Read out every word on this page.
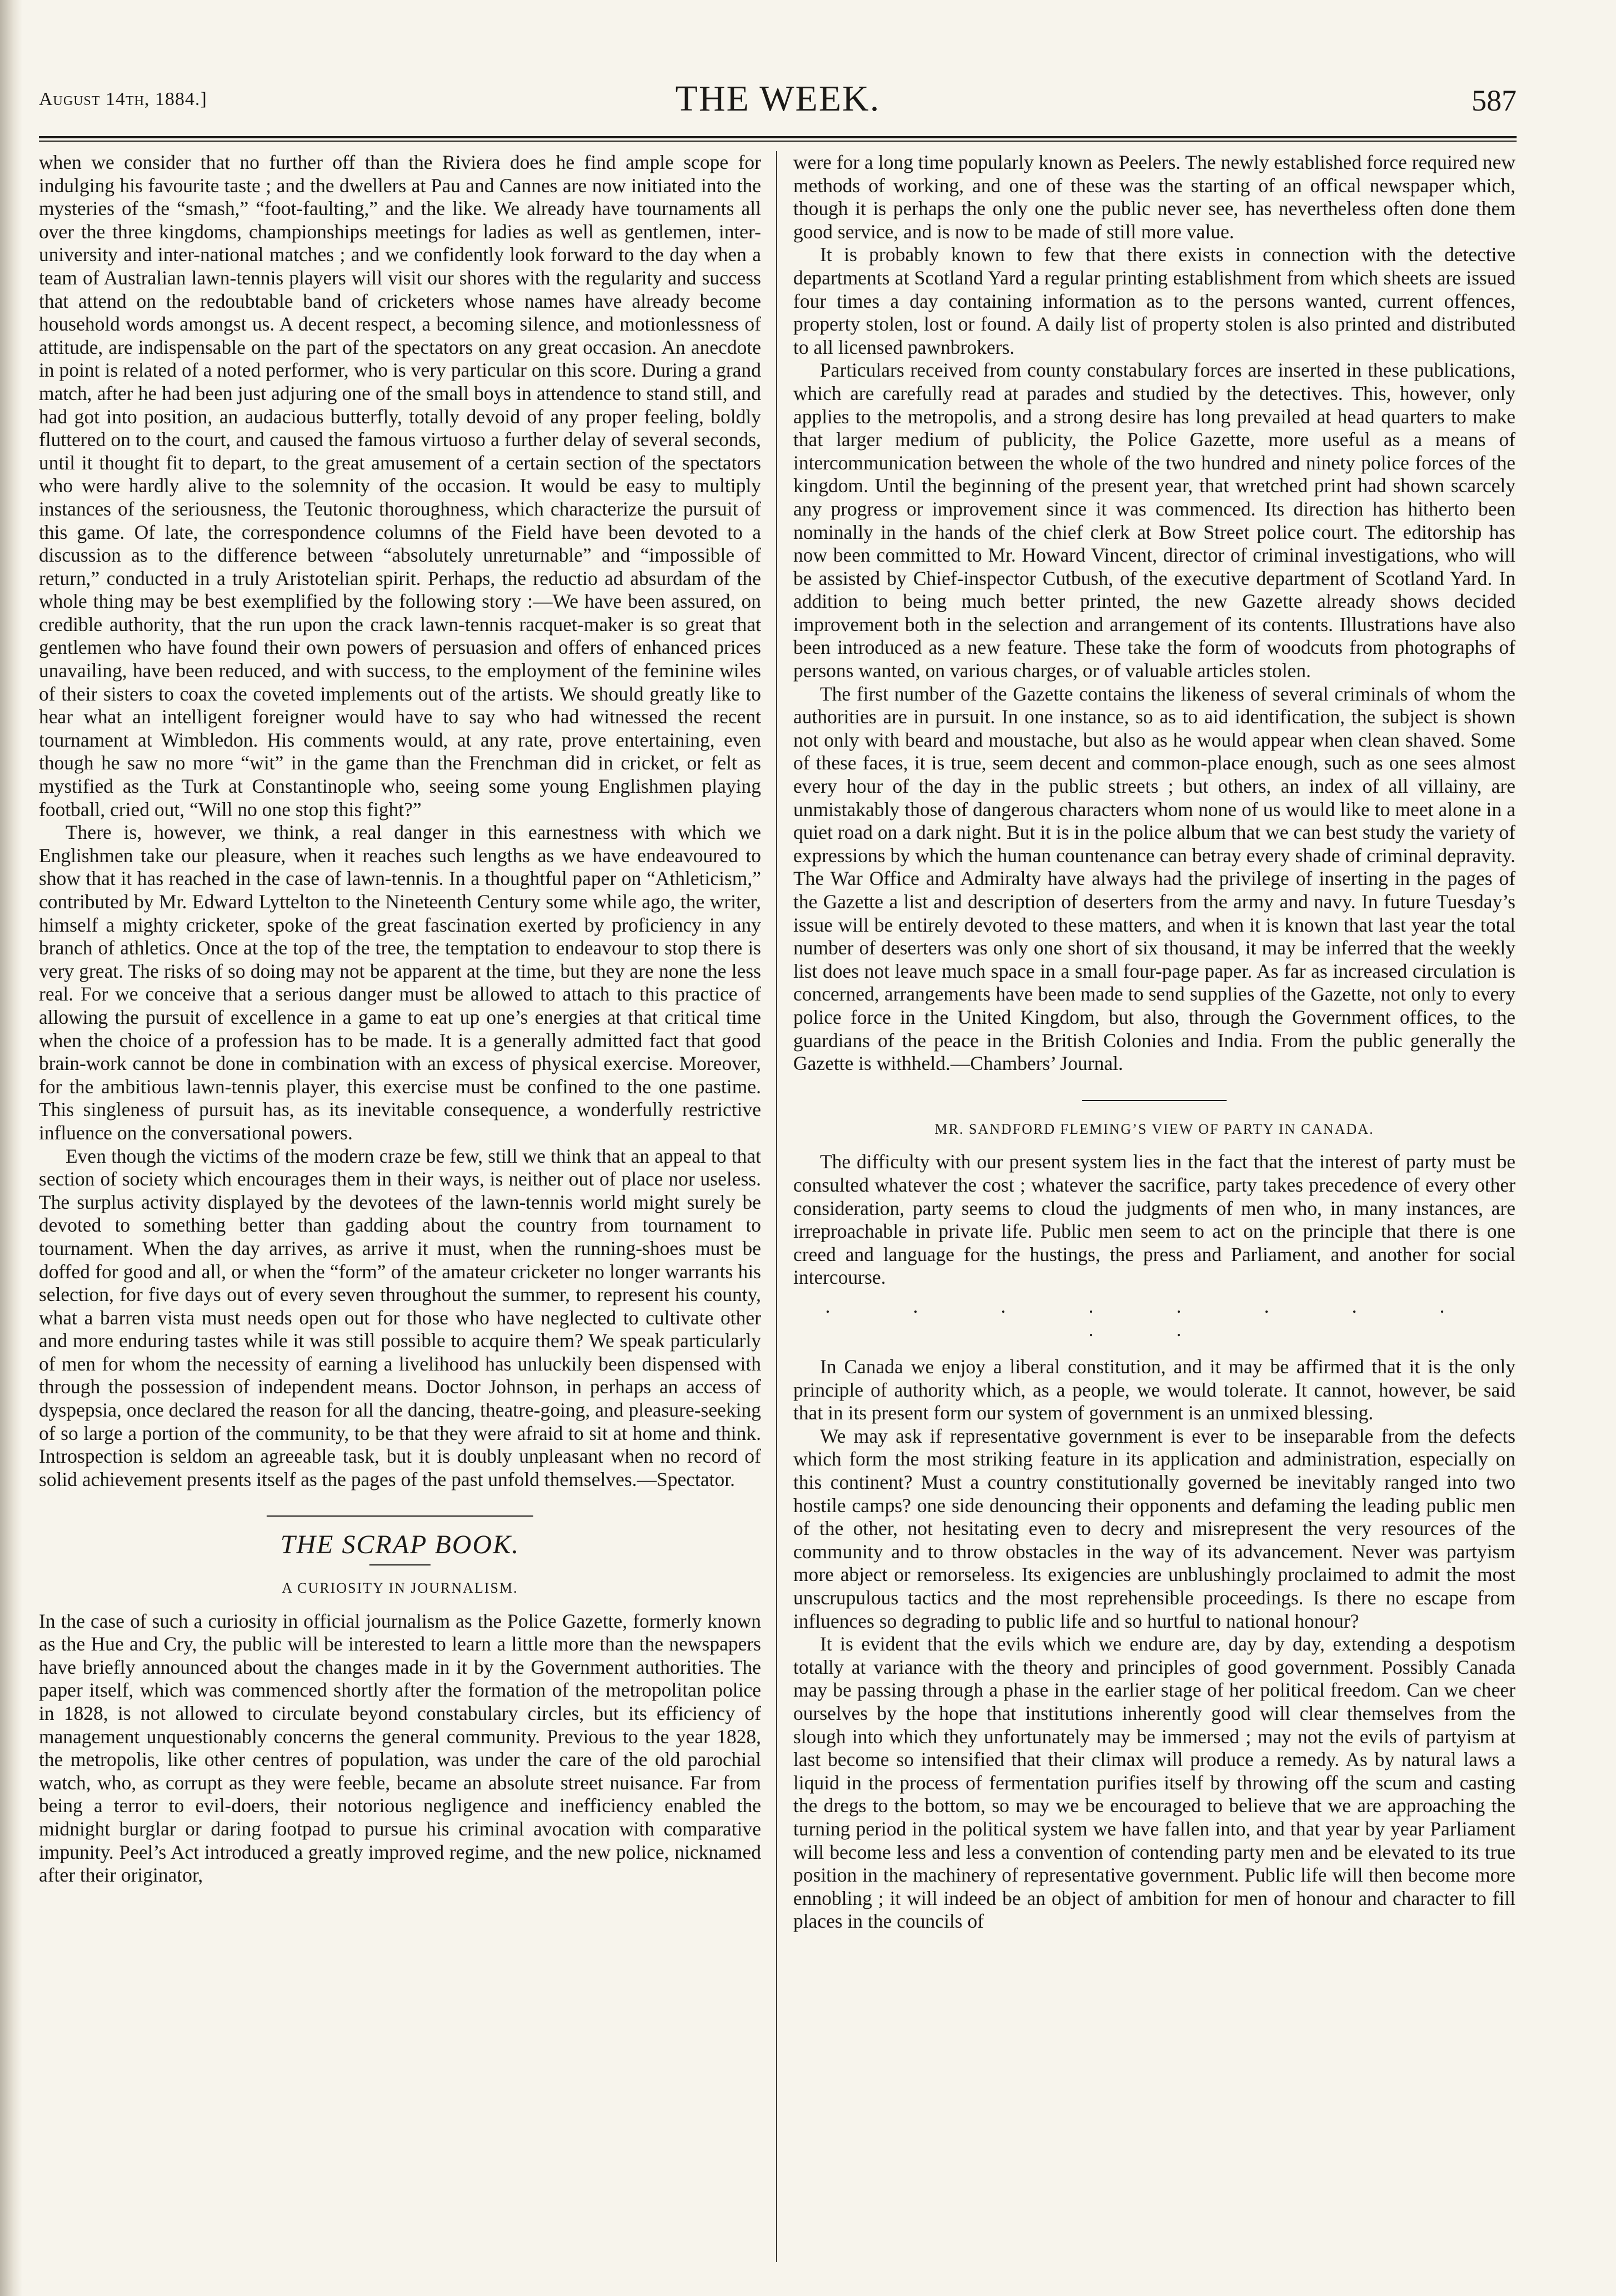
August 14th, 1884.]	THE WEEK.	587

when we consider that no further off than the Riviera does he find ample scope for indulging his favourite taste ; and the dwellers at Pau and Cannes are now initiated into the mysteries of the “smash,” “foot-faulting,” and the like. We already have tournaments all over the three kingdoms, championships meetings for ladies as well as gentlemen, inter-university and inter-national matches ; and we confidently look forward to the day when a team of Australian lawn-tennis players will visit our shores with the regularity and success that attend on the redoubtable band of cricketers whose names have already become household words amongst us. A decent respect, a becoming silence, and motionlessness of attitude, are indispensable on the part of the spectators on any great occasion. An anecdote in point is related of a noted performer, who is very particular on this score. During a grand match, after he had been just adjuring one of the small boys in attendence to stand still, and had got into position, an audacious butterfly, totally devoid of any proper feeling, boldly fluttered on to the court, and caused the famous virtuoso a further delay of several seconds, until it thought fit to depart, to the great amusement of a certain section of the spectators who were hardly alive to the solemnity of the occasion. It would be easy to multiply instances of the seriousness, the Teutonic thoroughness, which characterize the pursuit of this game. Of late, the correspondence columns of the Field have been devoted to a discussion as to the difference between “absolutely unreturnable” and “impossible of return,” conducted in a truly Aristotelian spirit. Perhaps, the reductio ad absurdam of the whole thing may be best exemplified by the following story :—We have been assured, on credible authority, that the run upon the crack lawn-tennis racquet-maker is so great that gentlemen who have found their own powers of persuasion and offers of enhanced prices unavailing, have been reduced, and with success, to the employment of the feminine wiles of their sisters to coax the coveted implements out of the artists. We should greatly like to hear what an intelligent foreigner would have to say who had witnessed the recent tournament at Wimbledon. His comments would, at any rate, prove entertaining, even though he saw no more “wit” in the game than the Frenchman did in cricket, or felt as mystified as the Turk at Constantinople who, seeing some young Englishmen playing football, cried out, “Will no one stop this fight?”

There is, however, we think, a real danger in this earnestness with which we Englishmen take our pleasure, when it reaches such lengths as we have endeavoured to show that it has reached in the case of lawn-tennis. In a thoughtful paper on “Athleticism,” contributed by Mr. Edward Lyttelton to the Nineteenth Century some while ago, the writer, himself a mighty cricketer, spoke of the great fascination exerted by proficiency in any branch of athletics. Once at the top of the tree, the temptation to endeavour to stop there is very great. The risks of so doing may not be apparent at the time, but they are none the less real. For we conceive that a serious danger must be allowed to attach to this practice of allowing the pursuit of excellence in a game to eat up one’s energies at that critical time when the choice of a profession has to be made. It is a generally admitted fact that good brain-work cannot be done in combination with an excess of physical exercise. Moreover, for the ambitious lawn-tennis player, this exercise must be confined to the one pastime. This singleness of pursuit has, as its inevitable consequence, a wonderfully restrictive influence on the conversational powers.

Even though the victims of the modern craze be few, still we think that an appeal to that section of society which encourages them in their ways, is neither out of place nor useless. The surplus activity displayed by the devotees of the lawn-tennis world might surely be devoted to something better than gadding about the country from tournament to tournament. When the day arrives, as arrive it must, when the running-shoes must be doffed for good and all, or when the “form” of the amateur cricketer no longer warrants his selection, for five days out of every seven throughout the summer, to represent his county, what a barren vista must needs open out for those who have neglected to cultivate other and more enduring tastes while it was still possible to acquire them? We speak particularly of men for whom the necessity of earning a livelihood has unluckily been dispensed with through the possession of independent means. Doctor Johnson, in perhaps an access of dyspepsia, once declared the reason for all the dancing, theatre-going, and pleasure-seeking of so large a portion of the community, to be that they were afraid to sit at home and think. Introspection is seldom an agreeable task, but it is doubly unpleasant when no record of solid achievement presents itself as the pages of the past unfold themselves.—Spectator.

THE SCRAP BOOK.
A CURIOSITY IN JOURNALISM.

In the case of such a curiosity in official journalism as the Police Gazette, formerly known as the Hue and Cry, the public will be interested to learn a little more than the newspapers have briefly announced about the changes made in it by the Government authorities. The paper itself, which was commenced shortly after the formation of the metropolitan police in 1828, is not allowed to circulate beyond constabulary circles, but its efficiency of management unquestionably concerns the general community. Previous to the year 1828, the metropolis, like other centres of population, was under the care of the old parochial watch, who, as corrupt as they were feeble, became an absolute street nuisance. Far from being a terror to evil-doers, their notorious negligence and inefficiency enabled the midnight burglar or daring footpad to pursue his criminal avocation with comparative impunity. Peel’s Act introduced a greatly improved regime, and the new police, nicknamed after their originator,

were for a long time popularly known as Peelers. The newly established force required new methods of working, and one of these was the starting of an offical newspaper which, though it is perhaps the only one the public never see, has nevertheless often done them good service, and is now to be made of still more value.

It is probably known to few that there exists in connection with the detective departments at Scotland Yard a regular printing establishment from which sheets are issued four times a day containing information as to the persons wanted, current offences, property stolen, lost or found. A daily list of property stolen is also printed and distributed to all licensed pawnbrokers.

Particulars received from county constabulary forces are inserted in these publications, which are carefully read at parades and studied by the detectives. This, however, only applies to the metropolis, and a strong desire has long prevailed at head quarters to make that larger medium of publicity, the Police Gazette, more useful as a means of intercommunication between the whole of the two hundred and ninety police forces of the kingdom. Until the beginning of the present year, that wretched print had shown scarcely any progress or improvement since it was commenced. Its direction has hitherto been nominally in the hands of the chief clerk at Bow Street police court. The editorship has now been committed to Mr. Howard Vincent, director of criminal investigations, who will be assisted by Chief-inspector Cutbush, of the executive department of Scotland Yard. In addition to being much better printed, the new Gazette already shows decided improvement both in the selection and arrangement of its contents. Illustrations have also been introduced as a new feature. These take the form of woodcuts from photographs of persons wanted, on various charges, or of valuable articles stolen.

The first number of the Gazette contains the likeness of several criminals of whom the authorities are in pursuit. In one instance, so as to aid identification, the subject is shown not only with beard and moustache, but also as he would appear when clean shaved. Some of these faces, it is true, seem decent and common-place enough, such as one sees almost every hour of the day in the public streets ; but others, an index of all villainy, are unmistakably those of dangerous characters whom none of us would like to meet alone in a quiet road on a dark night. But it is in the police album that we can best study the variety of expressions by which the human countenance can betray every shade of criminal depravity. The War Office and Admiralty have always had the privilege of inserting in the pages of the Gazette a list and description of deserters from the army and navy. In future Tuesday’s issue will be entirely devoted to these matters, and when it is known that last year the total number of deserters was only one short of six thousand, it may be inferred that the weekly list does not leave much space in a small four-page paper. As far as increased circulation is concerned, arrangements have been made to send supplies of the Gazette, not only to every police force in the United Kingdom, but also, through the Government offices, to the guardians of the peace in the British Colonies and India. From the public generally the Gazette is withheld.—Chambers’ Journal.

MR. SANDFORD FLEMING’S VIEW OF PARTY IN CANADA.

The difficulty with our present system lies in the fact that the interest of party must be consulted whatever the cost ; whatever the sacrifice, party takes precedence of every other consideration, party seems to cloud the judgments of men who, in many instances, are irreproachable in private life. Public men seem to act on the principle that there is one creed and language for the hustings, the press and Parliament, and another for social intercourse.

. . . . . . . . . .

In Canada we enjoy a liberal constitution, and it may be affirmed that it is the only principle of authority which, as a people, we would tolerate. It cannot, however, be said that in its present form our system of government is an unmixed blessing.

We may ask if representative government is ever to be inseparable from the defects which form the most striking feature in its application and administration, especially on this continent? Must a country constitutionally governed be inevitably ranged into two hostile camps? one side denouncing their opponents and defaming the leading public men of the other, not hesitating even to decry and misrepresent the very resources of the community and to throw obstacles in the way of its advancement. Never was partyism more abject or remorseless. Its exigencies are unblushingly proclaimed to admit the most unscrupulous tactics and the most reprehensible proceedings. Is there no escape from influences so degrading to public life and so hurtful to national honour?

It is evident that the evils which we endure are, day by day, extending a despotism totally at variance with the theory and principles of good government. Possibly Canada may be passing through a phase in the earlier stage of her political freedom. Can we cheer ourselves by the hope that institutions inherently good will clear themselves from the slough into which they unfortunately may be immersed ; may not the evils of partyism at last become so intensified that their climax will produce a remedy. As by natural laws a liquid in the process of fermentation purifies itself by throwing off the scum and casting the dregs to the bottom, so may we be encouraged to believe that we are approaching the turning period in the political system we have fallen into, and that year by year Parliament will become less and less a convention of contending party men and be elevated to its true position in the machinery of representative government. Public life will then become more ennobling ; it will indeed be an object of ambition for men of honour and character to fill places in the councils of
